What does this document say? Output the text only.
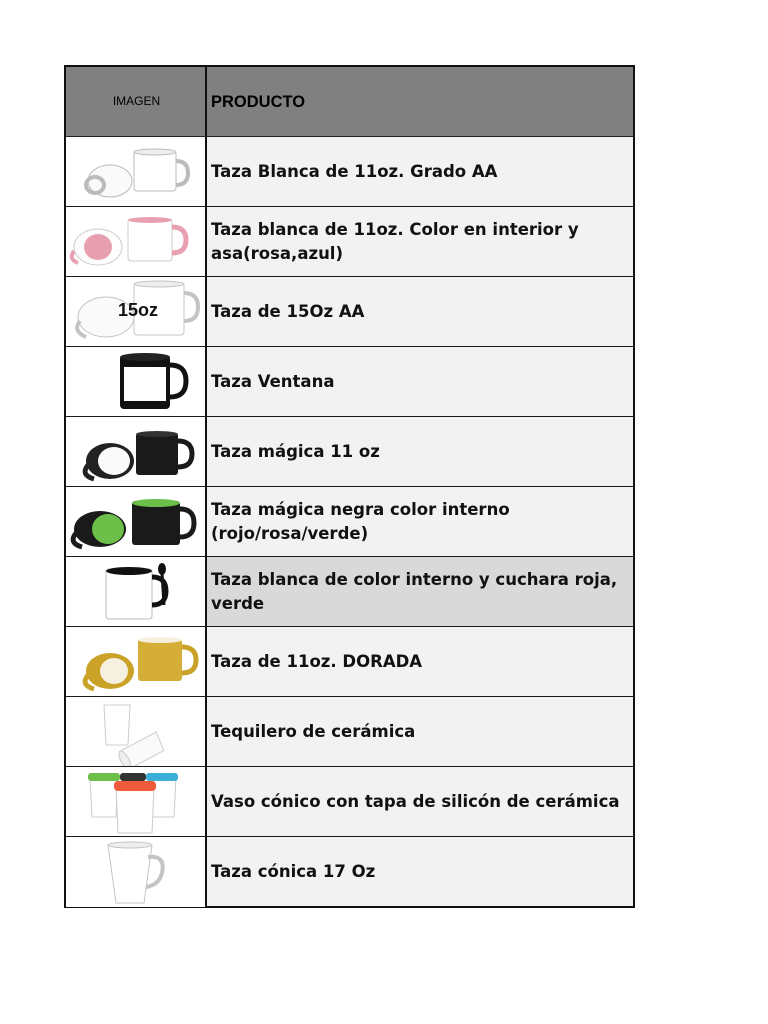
IMAGEN	PRODUCTO
Taza Blanca de 11oz. Grado AA
Taza blanca de 11oz. Color en interior y asa(rosa,azul)
15oz	Taza de 15Oz AA
Taza Ventana
Taza mágica 11 oz
Taza mágica negra color interno (rojo/rosa/verde)
Taza blanca de color interno y cuchara roja, verde
Taza de 11oz. DORADA
Tequilero de cerámica
Vaso cónico con tapa de silicón de cerámica
Taza cónica 17 Oz
